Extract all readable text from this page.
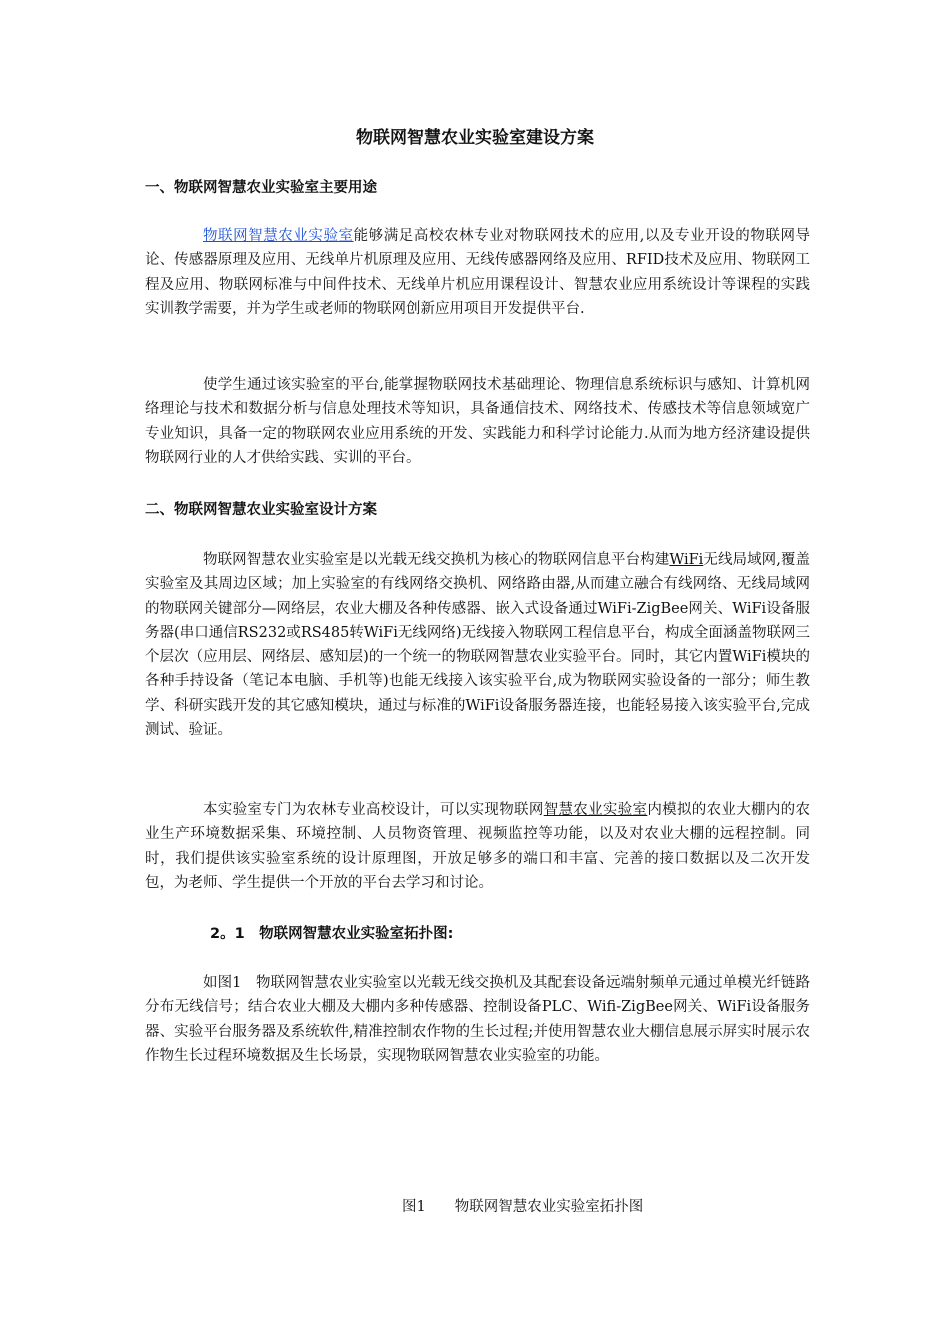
物联网智慧农业实验室建设方案
一、物联网智慧农业实验室主要用途

物联网智慧农业实验室能够满足高校农林专业对物联网技术的应用,以及专业开设的物联网导论、传感器原理及应用、无线单片机原理及应用、无线传感器网络及应用、RFID技术及应用、物联网工程及应用、物联网标准与中间件技术、无线单片机应用课程设计、智慧农业应用系统设计等课程的实践实训教学需要，并为学生或老师的物联网创新应用项目开发提供平台.

使学生通过该实验室的平台,能掌握物联网技术基础理论、物理信息系统标识与感知、计算机网络理论与技术和数据分析与信息处理技术等知识，具备通信技术、网络技术、传感技术等信息领域宽广专业知识，具备一定的物联网农业应用系统的开发、实践能力和科学讨论能力.从而为地方经济建设提供物联网行业的人才供给实践、实训的平台。

二、物联网智慧农业实验室设计方案

物联网智慧农业实验室是以光载无线交换机为核心的物联网信息平台构建WiFi无线局域网,覆盖实验室及其周边区域；加上实验室的有线网络交换机、网络路由器,从而建立融合有线网络、无线局域网的物联网关键部分—网络层，农业大棚及各种传感器、嵌入式设备通过WiFi-ZigBee网关、WiFi设备服务器(串口通信RS232或RS485转WiFi无线网络)无线接入物联网工程信息平台，构成全面涵盖物联网三个层次（应用层、网络层、感知层)的一个统一的物联网智慧农业实验平台。同时，其它内置WiFi模块的各种手持设备（笔记本电脑、手机等)也能无线接入该实验平台,成为物联网实验设备的一部分；师生教学、科研实践开发的其它感知模块，通过与标准的WiFi设备服务器连接，也能轻易接入该实验平台,完成测试、验证。

本实验室专门为农林专业高校设计，可以实现物联网智慧农业实验室内模拟的农业大棚内的农业生产环境数据采集、环境控制、人员物资管理、视频监控等功能，以及对农业大棚的远程控制。同时，我们提供该实验室系统的设计原理图，开放足够多的端口和丰富、完善的接口数据以及二次开发包，为老师、学生提供一个开放的平台去学习和讨论。

2。1　物联网智慧农业实验室拓扑图:

如图1　物联网智慧农业实验室以光载无线交换机及其配套设备远端射频单元通过单模光纤链路分布无线信号；结合农业大棚及大棚内多种传感器、控制设备PLC、Wifi-ZigBee网关、WiFi设备服务器、实验平台服务器及系统软件,精准控制农作物的生长过程;并使用智慧农业大棚信息展示屏实时展示农作物生长过程环境数据及生长场景，实现物联网智慧农业实验室的功能。

图1　　物联网智慧农业实验室拓扑图
